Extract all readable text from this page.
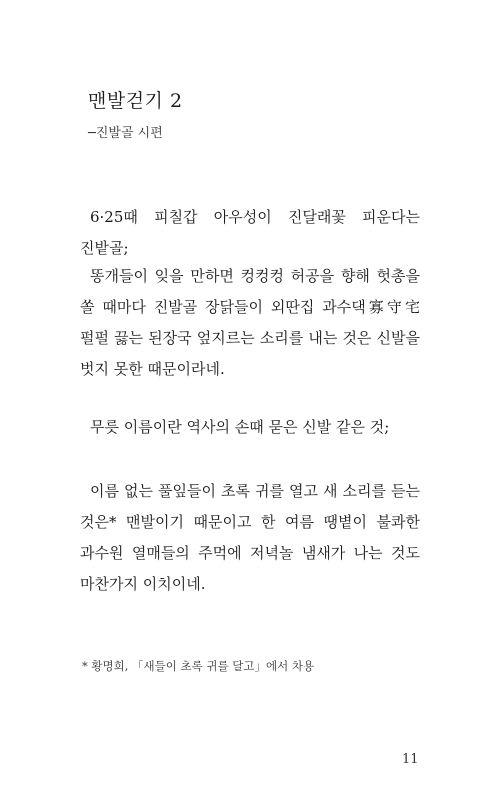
맨발걷기 2
─진발골 시편

6·25때 피칠갑 아우성이 진달래꽃 피운다는 진밭골;

똥개들이 잊을 만하면 컹컹컹 허공을 향해 헛총을 쏠 때마다 진발골 장닭들이 외딴집 과수댁寡守宅 펄펄 끓는 된장국 엎지르는 소리를 내는 것은 신발을 벗지 못한 때문이라네.

무릇 이름이란 역사의 손때 묻은 신발 같은 것;

이름 없는 풀잎들이 초록 귀를 열고 새 소리를 듣는 것은* 맨발이기 때문이고 한 여름 땡볕이 불콰한 과수원 열매들의 주먹에 저녁놀 냄새가 나는 것도 마찬가지 이치이네.

* 황명희, 「새들이 초록 귀를 달고」에서 차용
11
